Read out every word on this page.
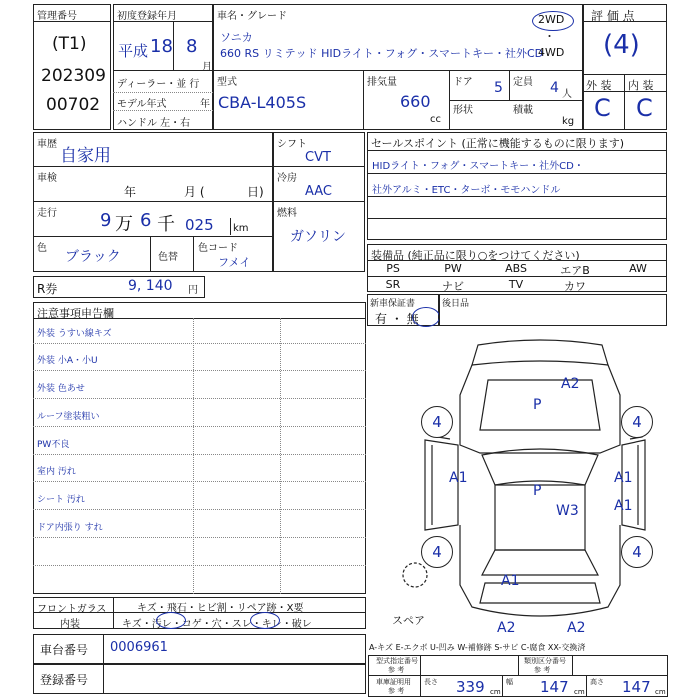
管理番号
(T1)
202309
00702
初度登録年月
平成 18 8
月
ディーラー・並 行
モデル年式	年
ハンドル 左・右
車名・グレード
ソニカ
660 RS リミテッド HIDライト・フォグ・スマートキー・社外CD
2WD
・
4WD
型式
CBA-L405S
排気量
660
cc
ドア 5 定員 4 人
形状	積載
kg
評 価 点
(4)
外 装 内 装
C C
車歴
自家用
車検
年	月 (	日)
走行 9 万 6 千 025 km
色
ブラック	色替
色コード
フメイ
シフト
CVT
冷房
AAC
燃料
ガソリン
セールスポイント (正常に機能するものに限ります)
HIDライト・フォグ・スマートキー・社外CD・
社外アルミ・ETC・ターボ・モモハンドル
装備品 (純正品に限り○をつけてください)
PS	PW	ABS	エアB	AW
SR	ナビ	TV	カワ
R券	9, 140 円
新車保証書
有 ・ 無
後日品
注意事項申告欄
外装 うすい線キズ
外装 小A・小U
外装 色あせ
ルーフ塗装粗い
PW不良
室内 汚れ
シート 汚れ
ドア内張り すれ
4	4
4	4
A2
P
A1	A1
A1
P
W3
A1
A2	A2
スペア
フロントガラス	キズ・飛石・ヒビ割・リペア跡・X要
内装	キズ・汚レ・コゲ・穴・スレ・キレ・破レ
車台番号 0006961
登録番号
A-キズ E-エクボ U-凹み W-補修跡 S-サビ C-腐食 XX-交換済
型式指定番号
参 考
類別区分番号
参 考
車庫証明用
参 考
長さ 339 cm
幅 147 cm
高さ 147 cm
